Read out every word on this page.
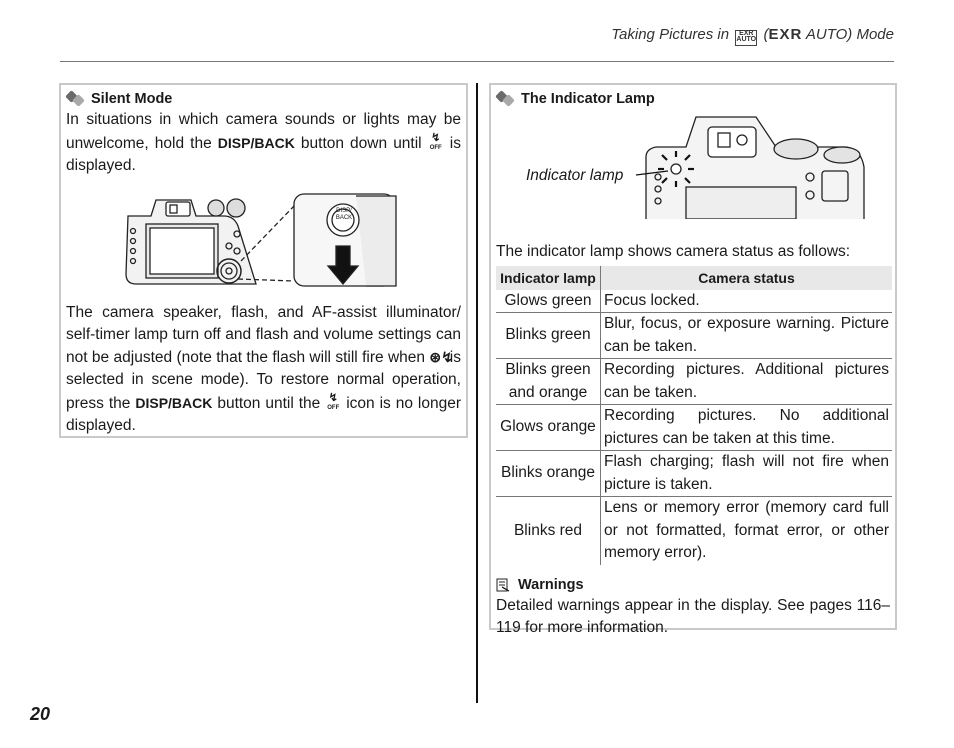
Taking Pictures in EXR AUTO (EXR AUTO) Mode
Silent Mode
In situations in which camera sounds or lights may be unwelcome, hold the DISP/BACK button down until ↯
OFF is displayed.
DISP/ BACK
The camera speaker, flash, and AF-assist illuminator/ self-timer lamp turn off and flash and volume settings can not be adjusted (note that the flash will still fire when ⊛↯ is selected in scene mode). To restore normal operation, press the DISP/BACK button until the ↯
OFF icon is no longer displayed.
The Indicator Lamp
Indicator lamp
The indicator lamp shows camera status as follows:
Indicator lamp	Camera status
Glows green	Focus locked.
Blinks green	Blur, focus, or exposure warning. Picture can be taken.
Blinks green and orange	Recording pictures. Additional pictures can be taken.
Glows orange	Recording pictures. No additional pictures can be taken at this time.
Blinks orange	Flash charging; flash will not fire when picture is taken.
Blinks red	Lens or memory error (memory card full or not formatted, format error, or other memory error).
Warnings
Detailed warnings appear in the display. See pages 116–119 for more information.
20
